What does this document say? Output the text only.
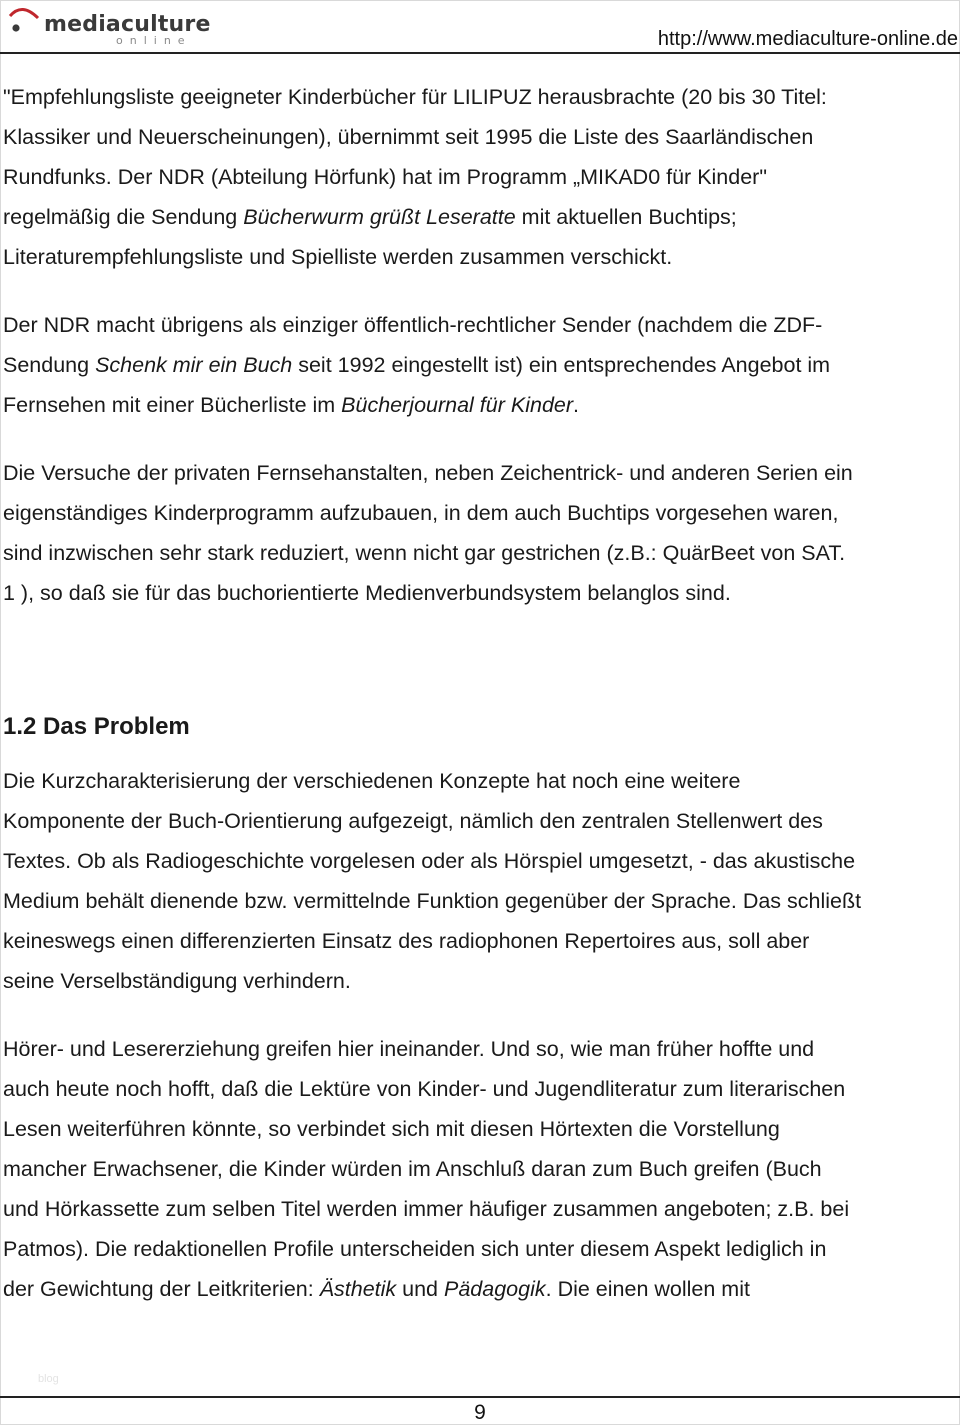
mediaculture
online	http://www.mediaculture-online.de

"Empfehlungsliste geeigneter Kinderbücher für LILIPUZ herausbrachte (20 bis 30 Titel:

Klassiker und Neuerscheinungen), übernimmt seit 1995 die Liste des Saarländischen

Rundfunks. Der NDR (Abteilung Hörfunk) hat im Programm „MIKAD0 für Kinder"

regelmäßig die Sendung Bücherwurm grüßt Leseratte mit aktuellen Buchtips;

Literaturempfehlungsliste und Spielliste werden zusammen verschickt.

Der NDR macht übrigens als einziger öffentlich-rechtlicher Sender (nachdem die ZDF-

Sendung Schenk mir ein Buch seit 1992 eingestellt ist) ein entsprechendes Angebot im

Fernsehen mit einer Bücherliste im Bücherjournal für Kinder.

Die Versuche der privaten Fernsehanstalten, neben Zeichentrick- und anderen Serien ein

eigenständiges Kinderprogramm aufzubauen, in dem auch Buchtips vorgesehen waren,

sind inzwischen sehr stark reduziert, wenn nicht gar gestrichen (z.B.: QuärBeet von SAT.

1 ), so daß sie für das buchorientierte Medienverbundsystem belanglos sind.

1.2 Das Problem

Die Kurzcharakterisierung der verschiedenen Konzepte hat noch eine weitere

Komponente der Buch-Orientierung aufgezeigt, nämlich den zentralen Stellenwert des

Textes. Ob als Radiogeschichte vorgelesen oder als Hörspiel umgesetzt, - das akustische

Medium behält dienende bzw. vermittelnde Funktion gegenüber der Sprache. Das schließt

keineswegs einen differenzierten Einsatz des radiophonen Repertoires aus, soll aber

seine Verselbständigung verhindern.

Hörer- und Lesererziehung greifen hier ineinander. Und so, wie man früher hoffte und

auch heute noch hofft, daß die Lektüre von Kinder- und Jugendliteratur zum literarischen

Lesen weiterführen könnte, so verbindet sich mit diesen Hörtexten die Vorstellung

mancher Erwachsener, die Kinder würden im Anschluß daran zum Buch greifen (Buch

und Hörkassette zum selben Titel werden immer häufiger zusammen angeboten; z.B. bei

Patmos). Die redaktionellen Profile unterscheiden sich unter diesem Aspekt lediglich in

der Gewichtung der Leitkriterien: Ästhetik und Pädagogik. Die einen wollen mit

blog
9
